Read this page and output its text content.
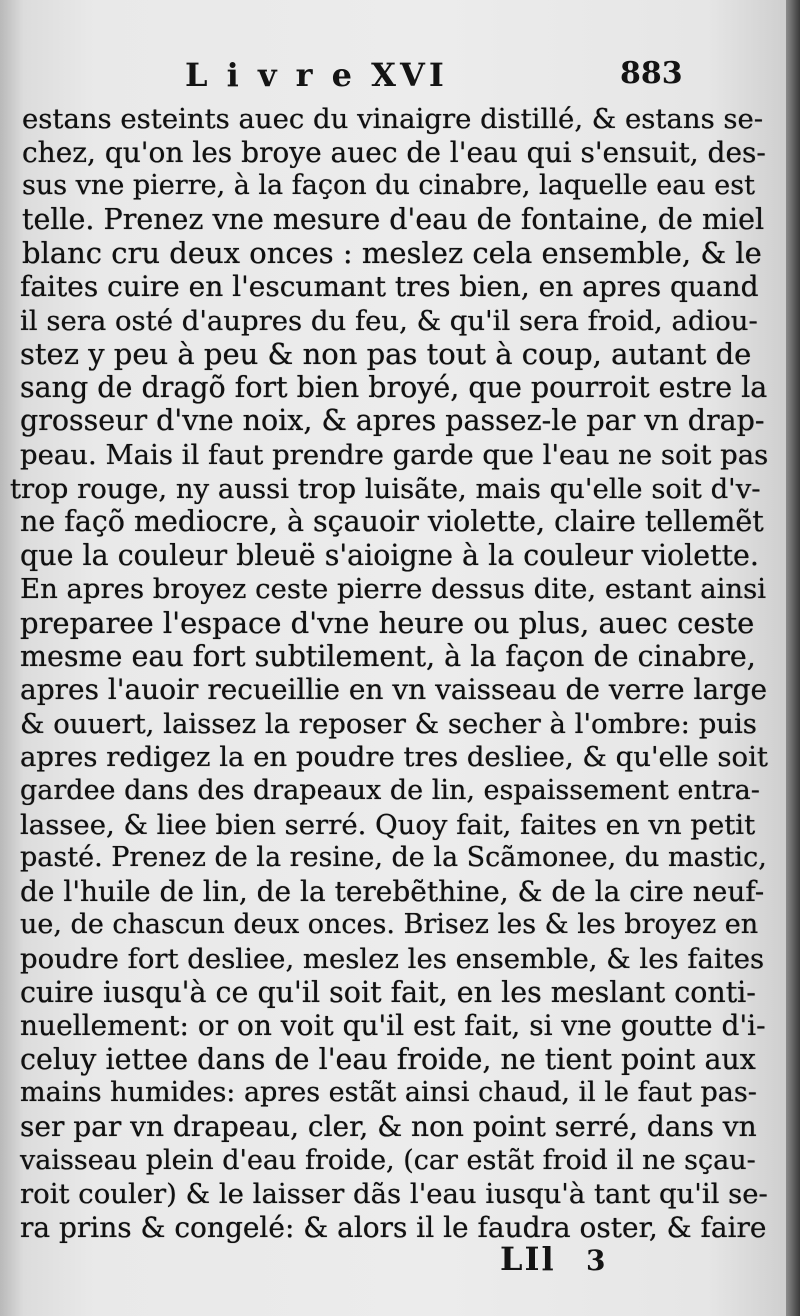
L i v r e XVI	883
estans esteints auec du vinaigre distillé, & estans se-
chez, qu'on les broye auec de l'eau qui s'ensuit, des-
sus vne pierre, à la façon du cinabre, laquelle eau est
telle. Prenez vne mesure d'eau de fontaine, de miel
blanc cru deux onces : meslez cela ensemble, & le
faites cuire en l'escumant tres bien, en apres quand
il sera osté d'aupres du feu, & qu'il sera froid, adiou-
stez y peu à peu & non pas tout à coup, autant de
sang de dragõ fort bien broyé, que pourroit estre la
grosseur d'vne noix, & apres passez-le par vn drap-
peau. Mais il faut prendre garde que l'eau ne soit pas
trop rouge, ny aussi trop luisãte, mais qu'elle soit d'v-
ne façõ mediocre, à sçauoir violette, claire tellemẽt
que la couleur bleuë s'aioigne à la couleur violette.
En apres broyez ceste pierre dessus dite, estant ainsi
preparee l'espace d'vne heure ou plus, auec ceste
mesme eau fort subtilement, à la façon de cinabre,
apres l'auoir recueillie en vn vaisseau de verre large
& ouuert, laissez la reposer & secher à l'ombre: puis
apres redigez la en poudre tres desliee, & qu'elle soit
gardee dans des drapeaux de lin, espaissement entra-
lassee, & liee bien serré. Quoy fait, faites en vn petit
pasté. Prenez de la resine, de la Scãmonee, du mastic,
de l'huile de lin, de la terebẽthine, & de la cire neuf-
ue, de chascun deux onces. Brisez les & les broyez en
poudre fort desliee, meslez les ensemble, & les faites
cuire iusqu'à ce qu'il soit fait, en les meslant conti-
nuellement: or on voit qu'il est fait, si vne goutte d'i-
celuy iettee dans de l'eau froide, ne tient point aux
mains humides: apres estãt ainsi chaud, il le faut pas-
ser par vn drapeau, cler, & non point serré, dans vn
vaisseau plein d'eau froide, (car estãt froid il ne sçau-
roit couler) & le laisser dãs l'eau iusqu'à tant qu'il se-
ra prins & congelé: & alors il le faudra oster, & faire
LIl 3
